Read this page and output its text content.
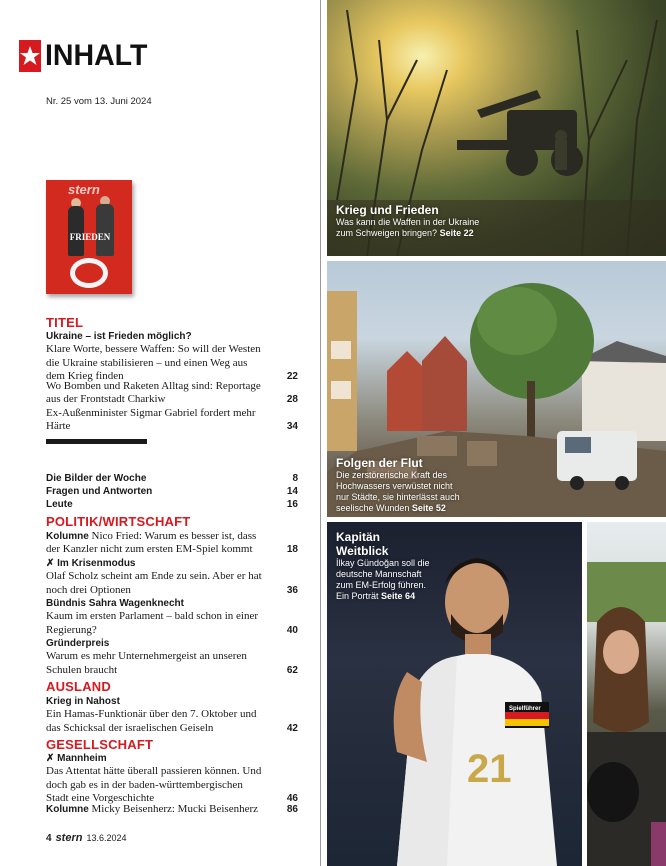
INHALT
Nr. 25 vom 13. Juni 2024
stern
FRIEDEN
TITEL
Ukraine – ist Frieden möglich?
Klare Worte, bessere Waffen: So will der Westen die Ukraine stabilisieren – und einen Weg aus dem Krieg finden	22
Wo Bomben und Raketen Alltag sind: Reportage aus der Frontstadt Charkiw	28
Ex-Außenminister Sigmar Gabriel fordert mehr Härte	34
Die Bilder der Woche	8
Fragen und Antworten	14
Leute	16
POLITIK/WIRTSCHAFT
Kolumne Nico Fried: Warum es besser ist, dass der Kanzler nicht zum ersten EM-Spiel kommt	18
✗ Im Krisenmodus
Olaf Scholz scheint am Ende zu sein. Aber er hat noch drei Optionen	36
Bündnis Sahra Wagenknecht
Kaum im ersten Parlament – bald schon in einer Regierung?	40
Gründerpreis
Warum es mehr Unternehmergeist an unseren Schulen braucht	62
AUSLAND
Krieg in Nahost
Ein Hamas-Funktionär über den 7. Oktober und das Schicksal der israelischen Geiseln	42
GESELLSCHAFT
✗ Mannheim
Das Attentat hätte überall passieren können. Und doch gab es in der baden-württembergischen Stadt eine Vorgeschichte	46
Kolumne Micky Beisenherz: Mucki Beisenherz	86
4 stern 13.6.2024
Krieg und Frieden
Was kann die Waffen in der Ukraine zum Schweigen bringen? Seite 22
Folgen der Flut
Die zerstörerische Kraft des Hochwassers verwüstet nicht nur Städte, sie hinterlässt auch seelische Wunden Seite 52
21
Spielführer
Kapitän Weitblick
İlkay Gündoğan soll die deutsche Mannschaft zum EM-Erfolg führen. Ein Porträt Seite 64
